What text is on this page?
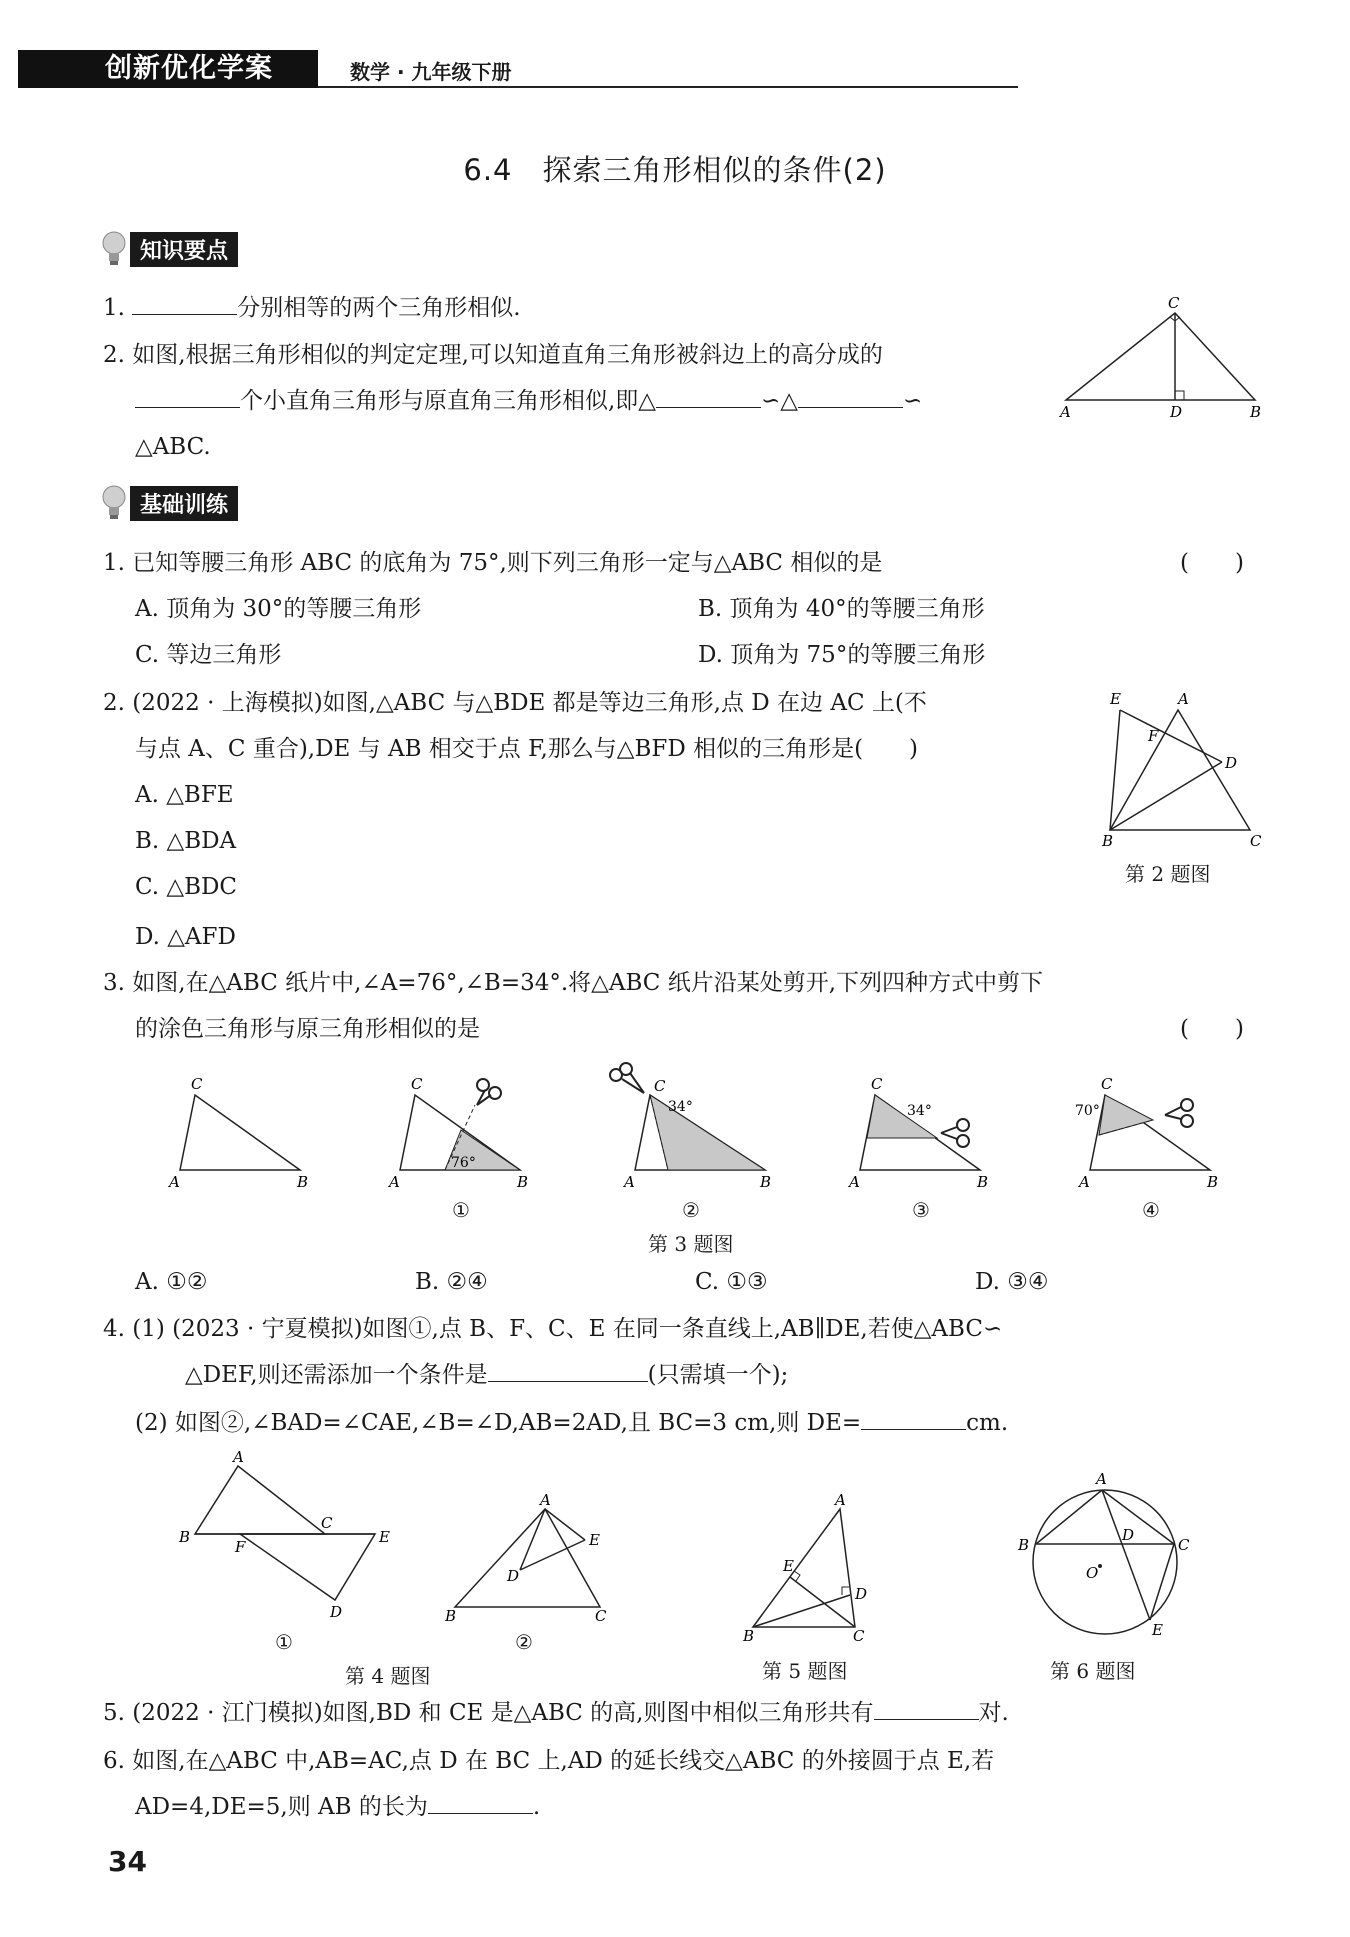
创新优化学案	数学 · 九年级下册
6.4　探索三角形相似的条件(2)
知识要点
1.	分别相等的两个三角形相似.
2. 如图,根据三角形相似的判定定理,可以知道直角三角形被斜边上的高分成的
个小直角三角形与原直角三角形相似,即△	∽△	∽
△ABC.
C
A	D	B
基础训练
1. 已知等腰三角形 ABC 的底角为 75°,则下列三角形一定与△ABC 相似的是	(　　)
A. 顶角为 30°的等腰三角形	B. 顶角为 40°的等腰三角形
C. 等边三角形	D. 顶角为 75°的等腰三角形
2. (2022 · 上海模拟)如图,△ABC 与△BDE 都是等边三角形,点 D 在边 AC 上(不
与点 A、C 重合),DE 与 AB 相交于点 F,那么与△BFD 相似的三角形是(　　)
A. △BFE
B. △BDA
C. △BDC
D. △AFD
E	A
F
D
B	C
第 2 题图
3. 如图,在△ABC 纸片中,∠A=76°,∠B=34°.将△ABC 纸片沿某处剪开,下列四种方式中剪下
的涂色三角形与原三角形相似的是	(　　)
C
A	B
76°
C
A	B
①
34°
C
A	B
②
34°
C
A	B
③
70°
C
A	B
④
第 3 题图
A. ①②	B. ②④	C. ①③	D. ③④
4. (1) (2023 · 宁夏模拟)如图①,点 B、F、C、E 在同一条直线上,AB∥DE,若使△ABC∽
△DEF,则还需添加一个条件是	(只需填一个);
(2) 如图②,∠BAD=∠CAE,∠B=∠D,AB=2AD,且 BC=3 cm,则 DE=	cm.
A
B
F
C
E
D
①
A
E
D
B	C
②
第 4 题图
A
E
D
B	C
第 5 题图
A
B	C
D
O
E
第 6 题图
5. (2022 · 江门模拟)如图,BD 和 CE 是△ABC 的高,则图中相似三角形共有	对.
6. 如图,在△ABC 中,AB=AC,点 D 在 BC 上,AD 的延长线交△ABC 的外接圆于点 E,若
AD=4,DE=5,则 AB 的长为	.
34
